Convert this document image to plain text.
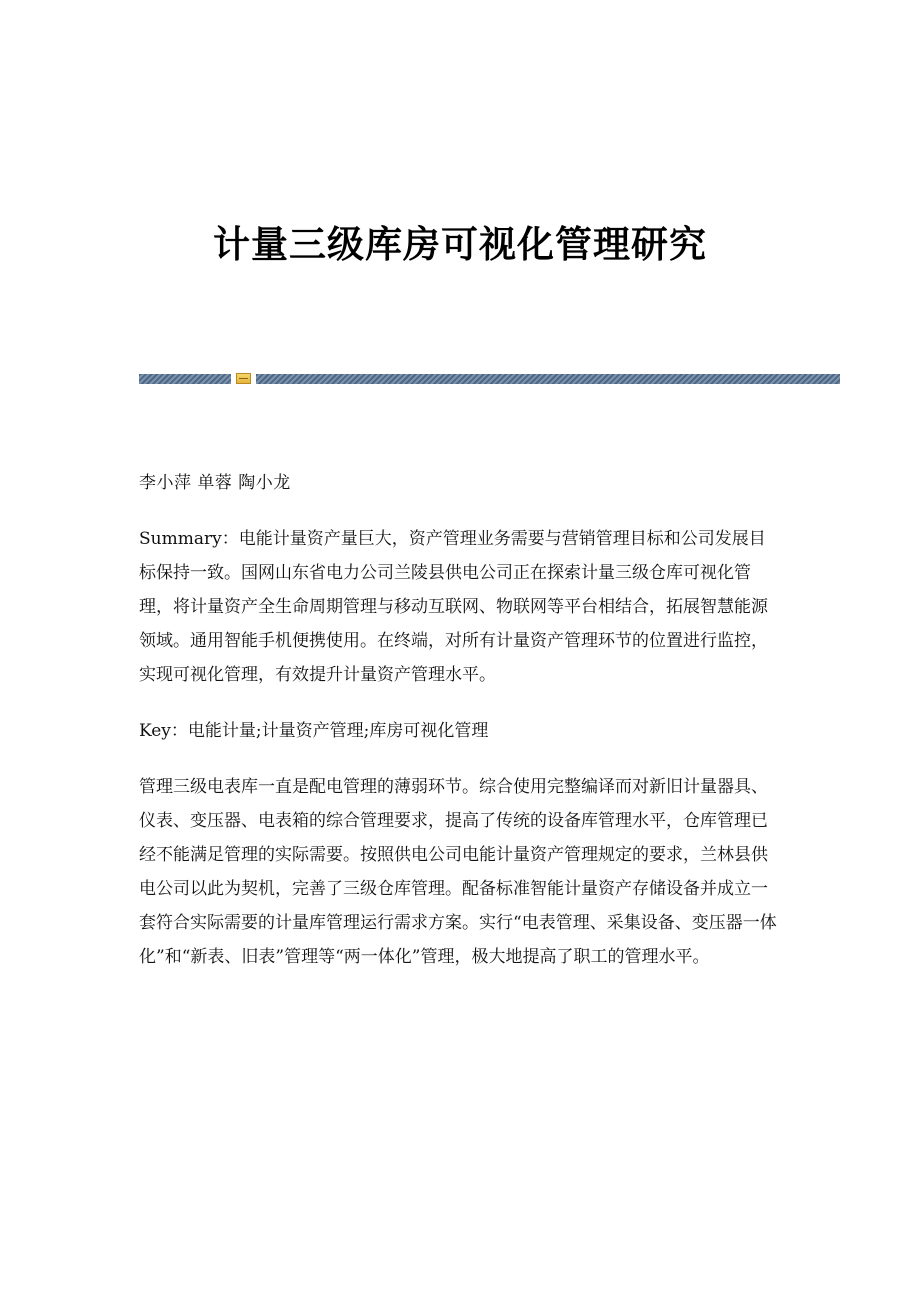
计量三级库房可视化管理研究

李小萍 单蓉 陶小龙

Summary：电能计量资产量巨大，资产管理业务需要与营销管理目标和公司发展目标保持一致。国网山东省电力公司兰陵县供电公司正在探索计量三级仓库可视化管理，将计量资产全生命周期管理与移动互联网、物联网等平台相结合，拓展智慧能源领域。通用智能手机便携使用。在终端，对所有计量资产管理环节的位置进行监控，实现可视化管理，有效提升计量资产管理水平。

Key：电能计量;计量资产管理;库房可视化管理

管理三级电表库一直是配电管理的薄弱环节。综合使用完整编译而对新旧计量器具、仪表、变压器、电表箱的综合管理要求，提高了传统的设备库管理水平，仓库管理已经不能满足管理的实际需要。按照供电公司电能计量资产管理规定的要求，兰林县供电公司以此为契机，完善了三级仓库管理。配备标准智能计量资产存储设备并成立一套符合实际需要的计量库管理运行需求方案。实行“电表管理、采集设备、变压器一体化”和“新表、旧表”管理等“两一体化”管理，极大地提高了职工的管理水平。
